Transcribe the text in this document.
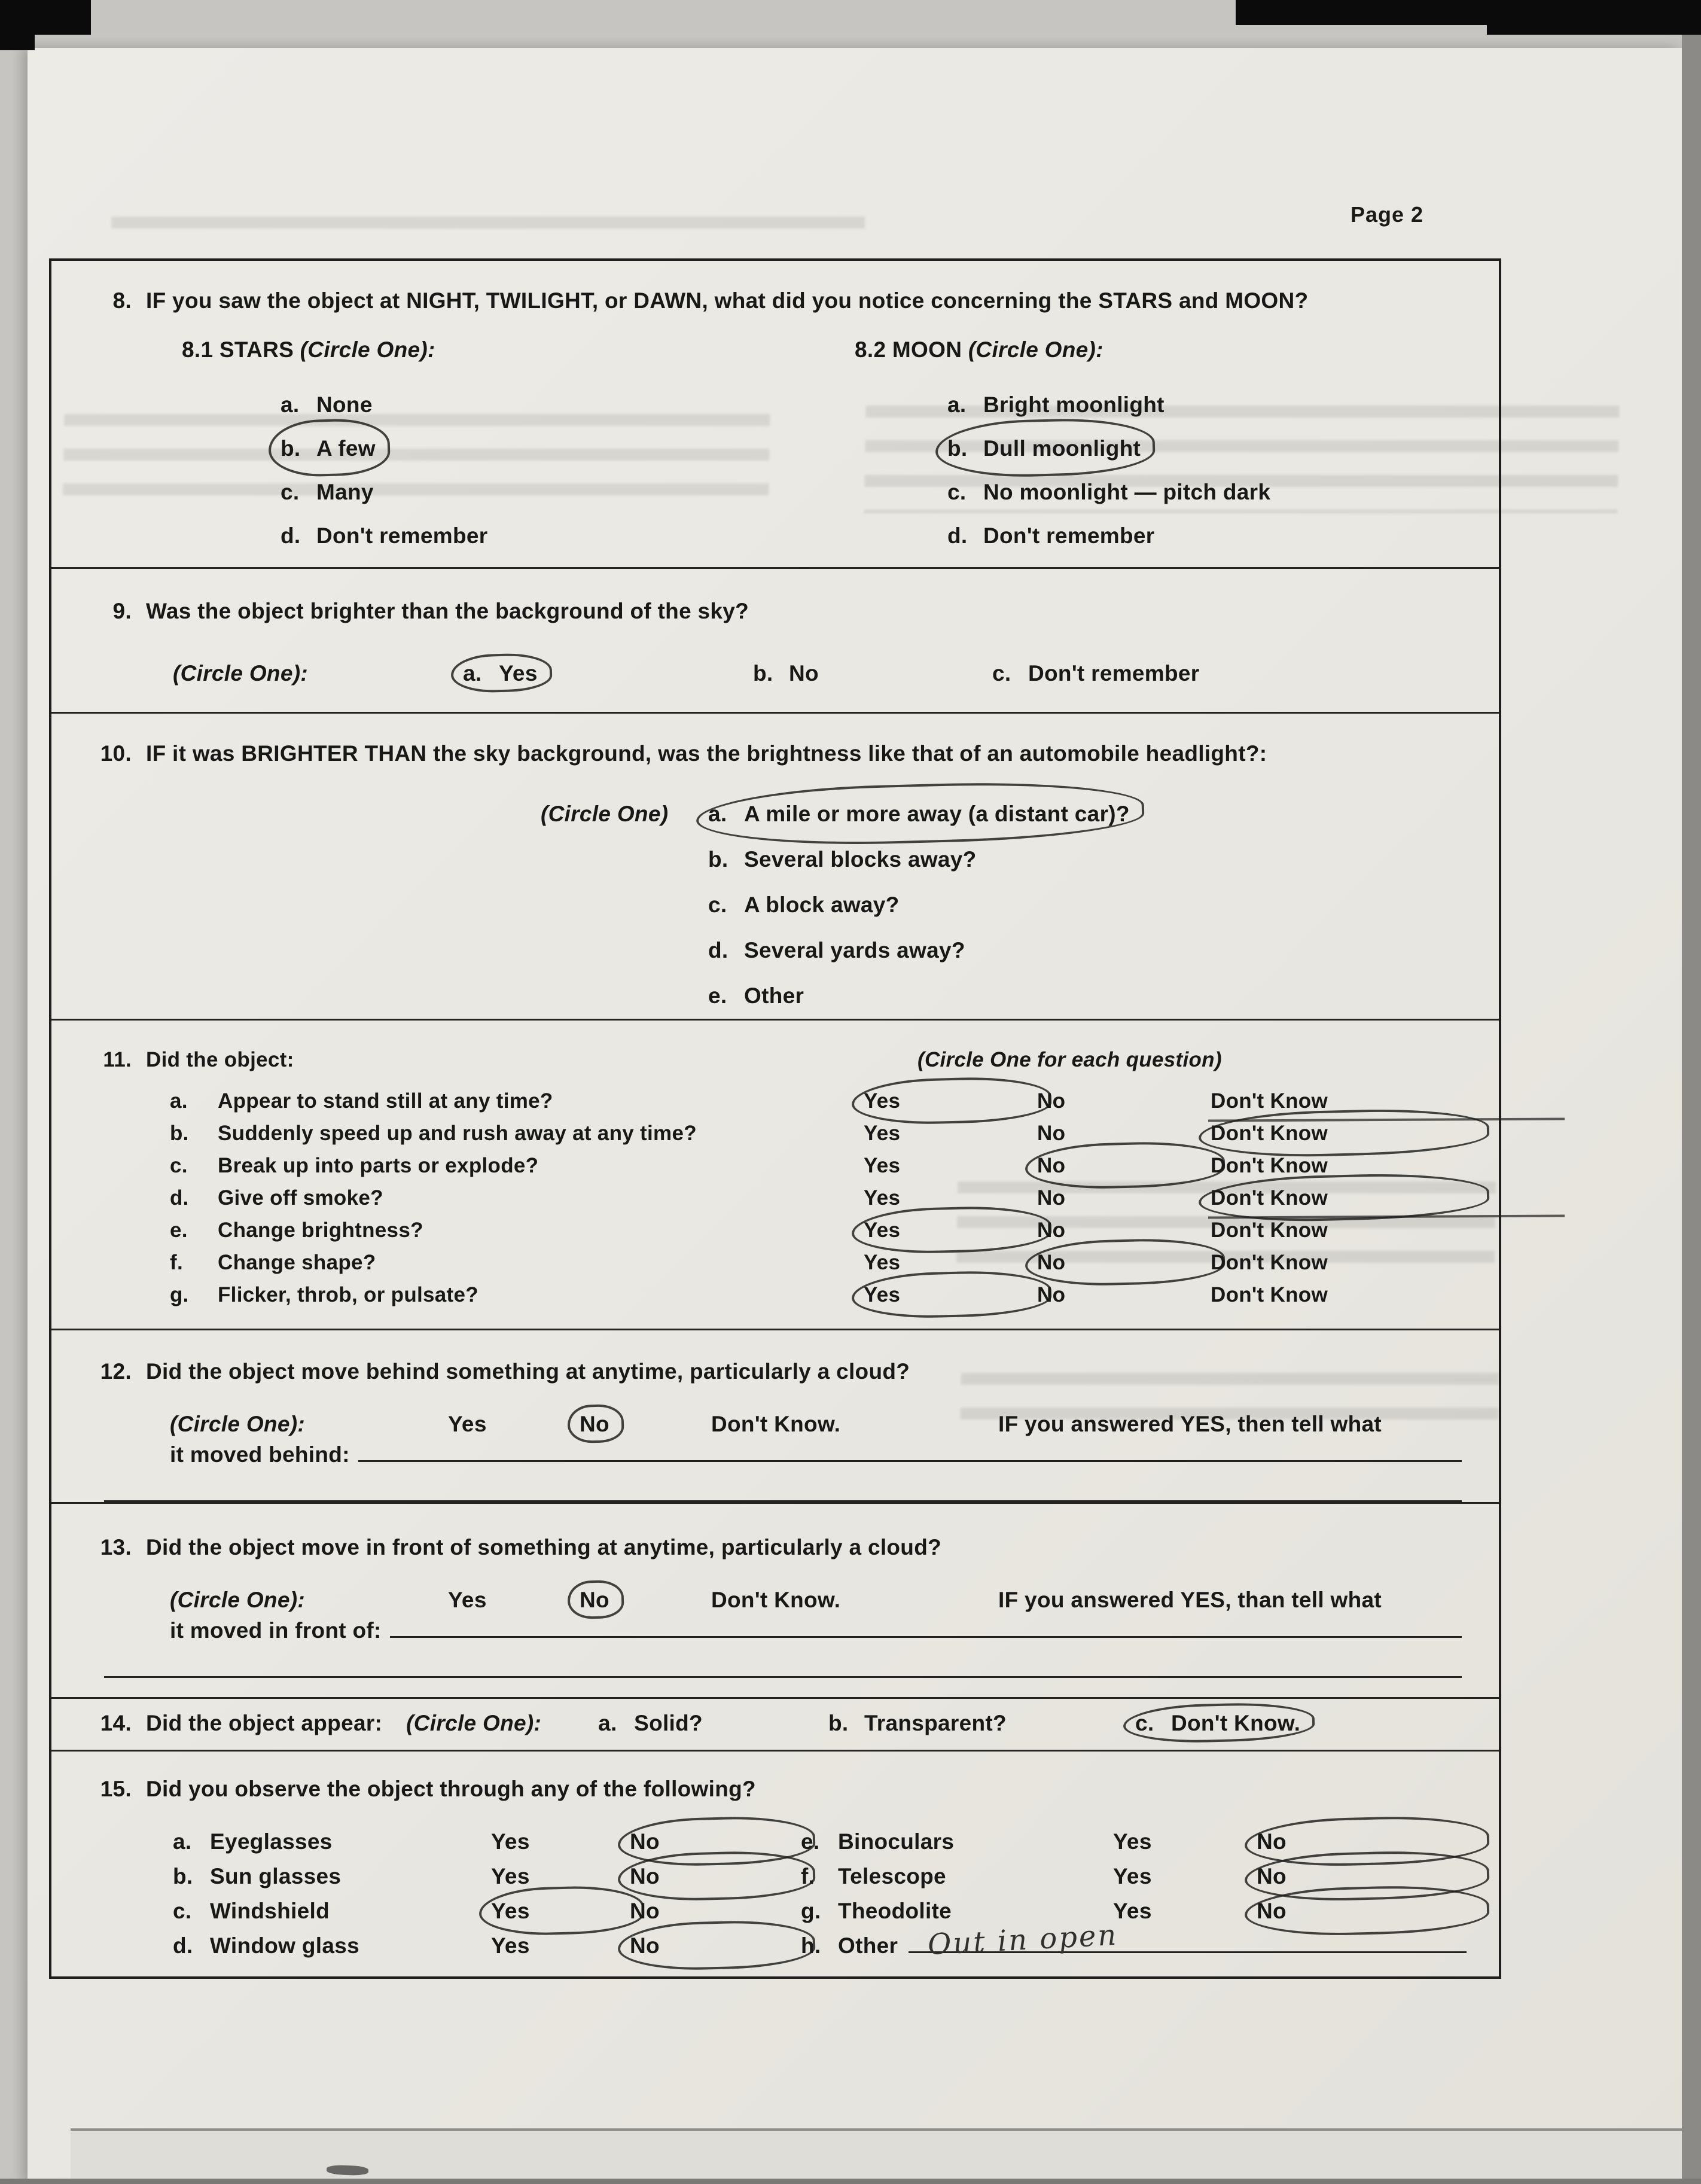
Page 2
8. IF you saw the object at NIGHT, TWILIGHT, or DAWN, what did you notice concerning the STARS and MOON?
8.1 STARS (Circle One):
a. None
b. A few
c. Many
d. Don't remember
8.2 MOON (Circle One):
a. Bright moonlight
b. Dull moonlight
c. No moonlight — pitch dark
d. Don't remember
9. Was the object brighter than the background of the sky?
(Circle One):	a. Yes	b. No	c. Don't remember
10. IF it was BRIGHTER THAN the sky background, was the brightness like that of an automobile headlight?:
(Circle One) a. A mile or more away (a distant car)?
b. Several blocks away?
c. A block away?
d. Several yards away?
e. Other
11. Did the object:	(Circle One for each question)
a.	Appear to stand still at any time?	Yes	No	Don't Know
b.	Suddenly speed up and rush away at any time?	Yes	No	Don't Know
c.	Break up into parts or explode?	Yes	No	Don't Know
d.	Give off smoke?	Yes	No	Don't Know
e.	Change brightness?	Yes	No	Don't Know
f.	Change shape?	Yes	No	Don't Know
g.	Flicker, throb, or pulsate?	Yes	No	Don't Know
12. Did the object move behind something at anytime, particularly a cloud?
(Circle One):	Yes	No	Don't Know.	IF you answered YES, then tell what
it moved behind:
13. Did the object move in front of something at anytime, particularly a cloud?
(Circle One):	Yes	No	Don't Know.	IF you answered YES, than tell what
it moved in front of:
14. Did the object appear: (Circle One):	a. Solid?	b. Transparent?	c. Don't Know.
15. Did you observe the object through any of the following?
a. Eyeglasses	Yes	No	e. Binoculars	Yes	No
b. Sun glasses	Yes	No	f.	Telescope	Yes	No
c. Windshield	Yes	No	g. Theodolite	Yes	No
d. Window glass	Yes	No	h. Other Out in open
